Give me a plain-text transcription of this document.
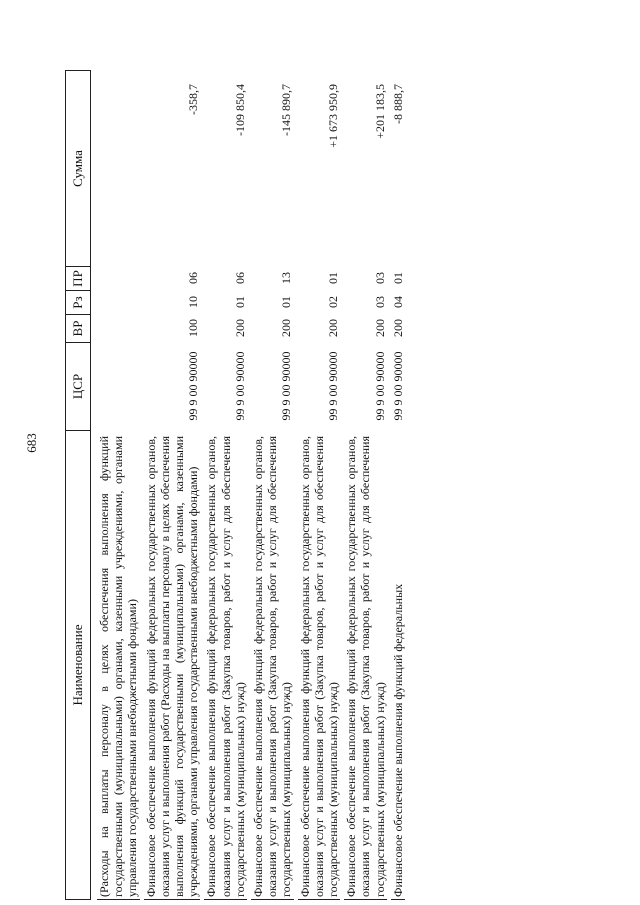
683
Наименование
ЦСР
ВР
Рз
ПР
Сумма
(Расходы на выплаты персоналу в целях обеспечения выполнения функций государственными (муниципальными) органами, казенными учреждениями, органами управления государственными внебюджетными фондами) Финансовое обеспечение выполнения функций федеральных государственных органов, оказания услуг и выполнения работ (Расходы на выплаты персоналу в целях обеспечения выполнения функций государственными (муниципальными) органами, казенными учреждениями, органами управления государственными внебюджетными фондами)
99 9 00 90000
100
10
06
-358,7
Финансовое обеспечение выполнения функций федеральных государственных органов, оказания услуг и выполнения работ (Закупка товаров, работ и услуг для обеспечения государственных (муниципальных) нужд)
99 9 00 90000
200
01
06
-109 850,4
Финансовое обеспечение выполнения функций федеральных государственных органов, оказания услуг и выполнения работ (Закупка товаров, работ и услуг для обеспечения государственных (муниципальных) нужд)
99 9 00 90000
200
01
13
-145 890,7
Финансовое обеспечение выполнения функций федеральных государственных органов, оказания услуг и выполнения работ (Закупка товаров, работ и услуг для обеспечения государственных (муниципальных) нужд)
99 9 00 90000
200
02
01
+1 673 950,9
Финансовое обеспечение выполнения функций федеральных государственных органов, оказания услуг и выполнения работ (Закупка товаров, работ и услуг для обеспечения государственных (муниципальных) нужд)
99 9 00 90000
200
03
03
+201 183,5
Финансовое обеспечение выполнения функций федеральных
99 9 00 90000
200
04
01
-8 888,7
